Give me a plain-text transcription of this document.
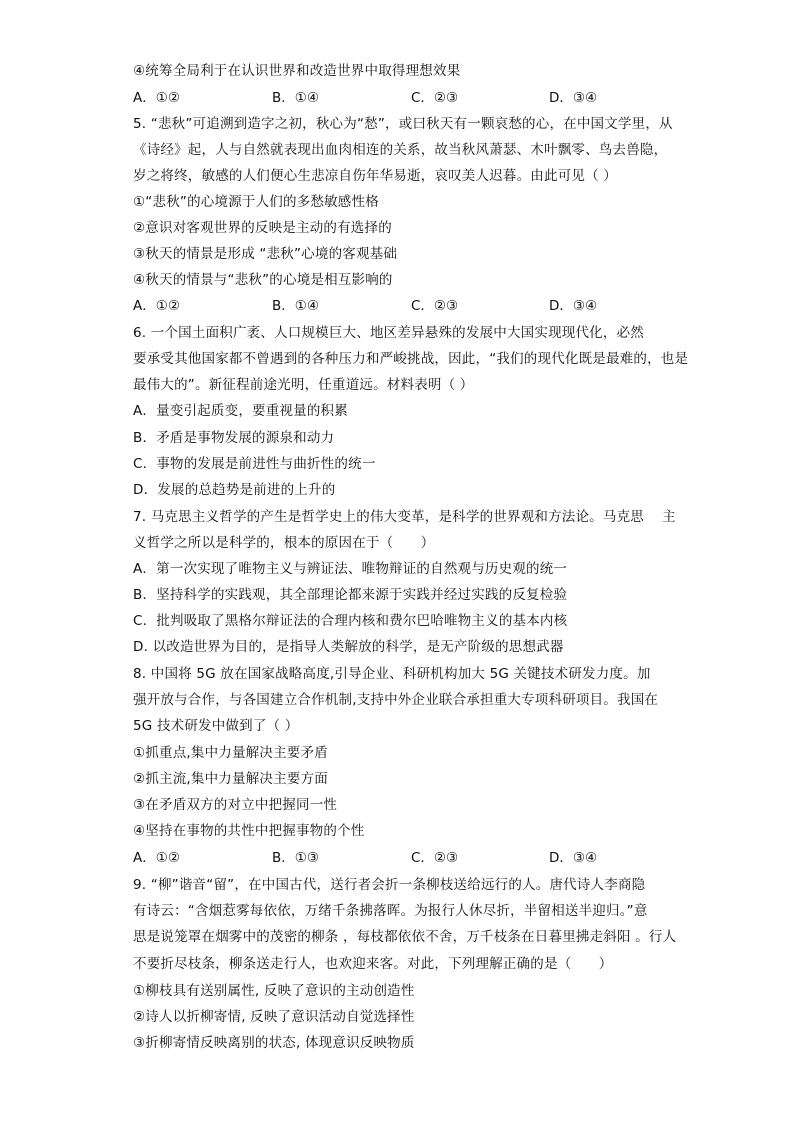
④统筹全局利于在认识世界和改造世界中取得理想效果
A．①②	B．①④	C．②③	D．③④
5. “悲秋”可追溯到造字之初，秋心为“愁”，或曰秋天有一颗哀愁的心，在中国文学里，从
《诗经》起，人与自然就表现出血肉相连的关系，故当秋风萧瑟、木叶飘零、鸟去兽隐，
岁之将终，敏感的人们便心生悲凉自伤年华易逝，哀叹美人迟暮。由此可见（ ）
①“悲秋”的心境源于人们的多愁敏感性格
②意识对客观世界的反映是主动的有选择的
③秋天的情景是形成 “悲秋”心境的客观基础
④秋天的情景与“悲秋”的心境是相互影响的
A．①②	B．①④	C．②③	D．③④
6. 一个国土面积广袤、人口规模巨大、地区差异悬殊的发展中大国实现现代化，必然
要承受其他国家都不曾遇到的各种压力和严峻挑战，因此，“我们的现代化既是最难的，也是
最伟大的”。新征程前途光明，任重道远。材料表明（ ）
A．量变引起质变，要重视量的积累
B．矛盾是事物发展的源泉和动力
C．事物的发展是前进性与曲折性的统一
D．发展的总趋势是前进的上升的
7. 马克思主义哲学的产生是哲学史上的伟大变革，是科学的世界观和方法论。马克思　 主
义哲学之所以是科学的，根本的原因在于（　　）
A．第一次实现了唯物主义与辨证法、唯物辩证的自然观与历史观的统一
B．坚持科学的实践观，其全部理论都来源于实践并经过实践的反复检验
C．批判吸取了黑格尔辩证法的合理内核和费尔巴哈唯物主义的基本内核
D. 以改造世界为目的，是指导人类解放的科学，是无产阶级的思想武器
8. 中国将 5G 放在国家战略高度,引导企业、科研机构加大 5G 关键技术研发力度。加
强开放与合作，与各国建立合作机制,支持中外企业联合承担重大专项科研项目。我国在
5G 技术研发中做到了（ ）
①抓重点,集中力量解决主要矛盾
②抓主流,集中力量解决主要方面
③在矛盾双方的对立中把握同一性
④坚持在事物的共性中把握事物的个性
A．①②	B．①③	C．②③	D．③④
9. “柳”谐音“留”，在中国古代，送行者会折一条柳枝送给远行的人。唐代诗人李商隐
有诗云：“含烟惹雾每依依，万绪千条拂落晖。为报行人休尽折，半留相送半迎归。”意
思是说笼罩在烟雾中的茂密的柳条 ，每枝都依依不舍，万千枝条在日暮里拂走斜阳 。行人
不要折尽枝条，柳条送走行人，也欢迎来客。对此，下列理解正确的是（　　）
①柳枝具有送别属性, 反映了意识的主动创造性
②诗人以折柳寄情, 反映了意识活动自觉选择性
③折柳寄情反映离别的状态, 体现意识反映物质
